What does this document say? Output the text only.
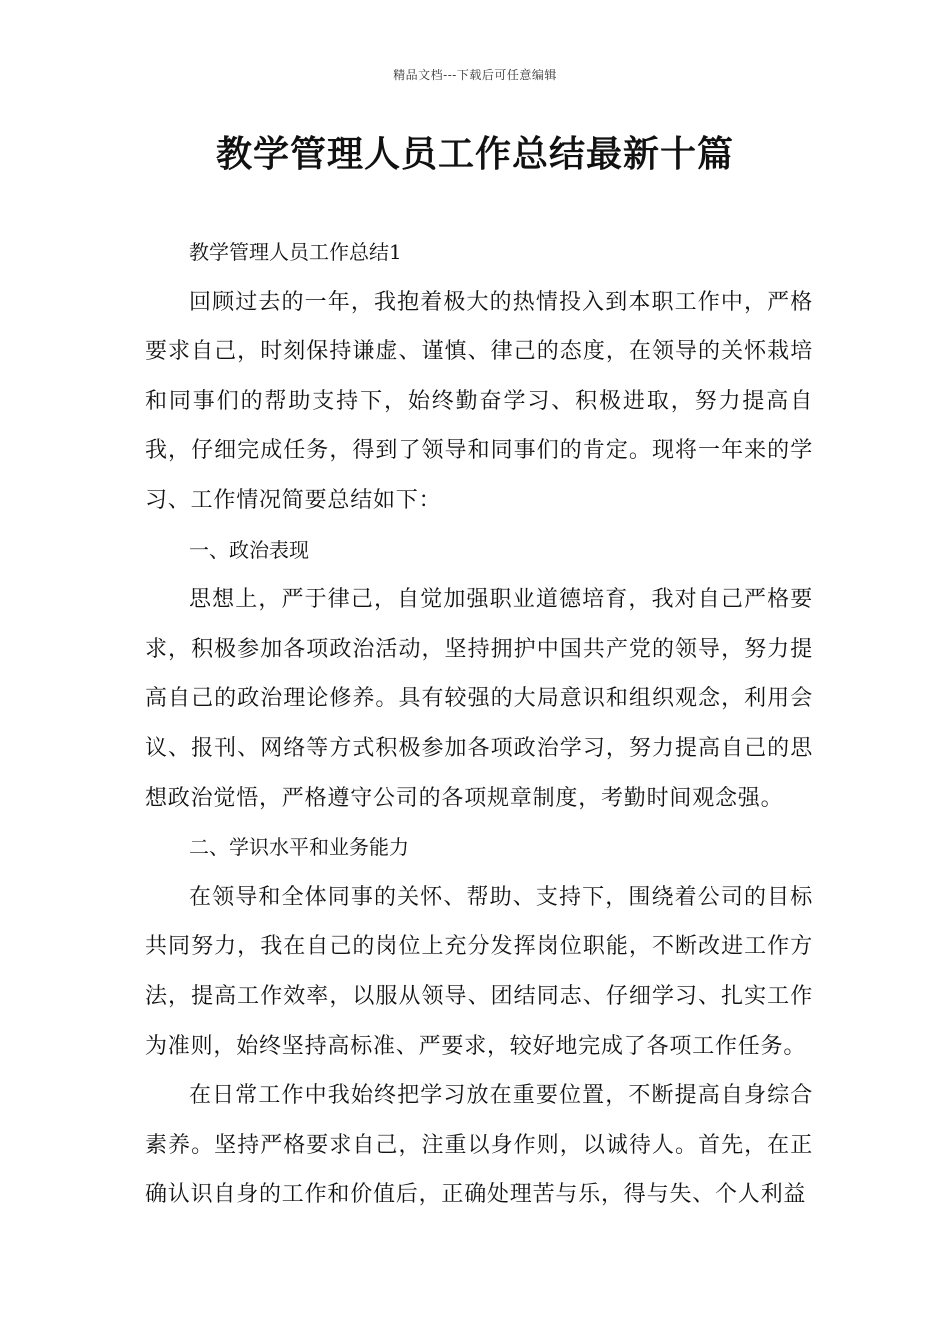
精品文档---下载后可任意编辑
教学管理人员工作总结最新十篇

教学管理人员工作总结1

回顾过去的一年，我抱着极大的热情投入到本职工作中，严格要求自己，时刻保持谦虚、谨慎、律己的态度，在领导的关怀栽培和同事们的帮助支持下，始终勤奋学习、积极进取，努力提高自我，仔细完成任务，得到了领导和同事们的肯定。现将一年来的学习、工作情况简要总结如下：

一、政治表现

思想上，严于律己，自觉加强职业道德培育，我对自己严格要求，积极参加各项政治活动，坚持拥护中国共产党的领导，努力提高自己的政治理论修养。具有较强的大局意识和组织观念，利用会议、报刊、网络等方式积极参加各项政治学习，努力提高自己的思想政治觉悟，严格遵守公司的各项规章制度，考勤时间观念强。

二、学识水平和业务能力

在领导和全体同事的关怀、帮助、支持下，围绕着公司的目标共同努力，我在自己的岗位上充分发挥岗位职能，不断改进工作方法，提高工作效率，以服从领导、团结同志、仔细学习、扎实工作为准则，始终坚持高标准、严要求，较好地完成了各项工作任务。

在日常工作中我始终把学习放在重要位置，不断提高自身综合素养。坚持严格要求自己，注重以身作则，以诚待人。首先，在正确认识自身的工作和价值后，正确处理苦与乐，得与失、个人利益
